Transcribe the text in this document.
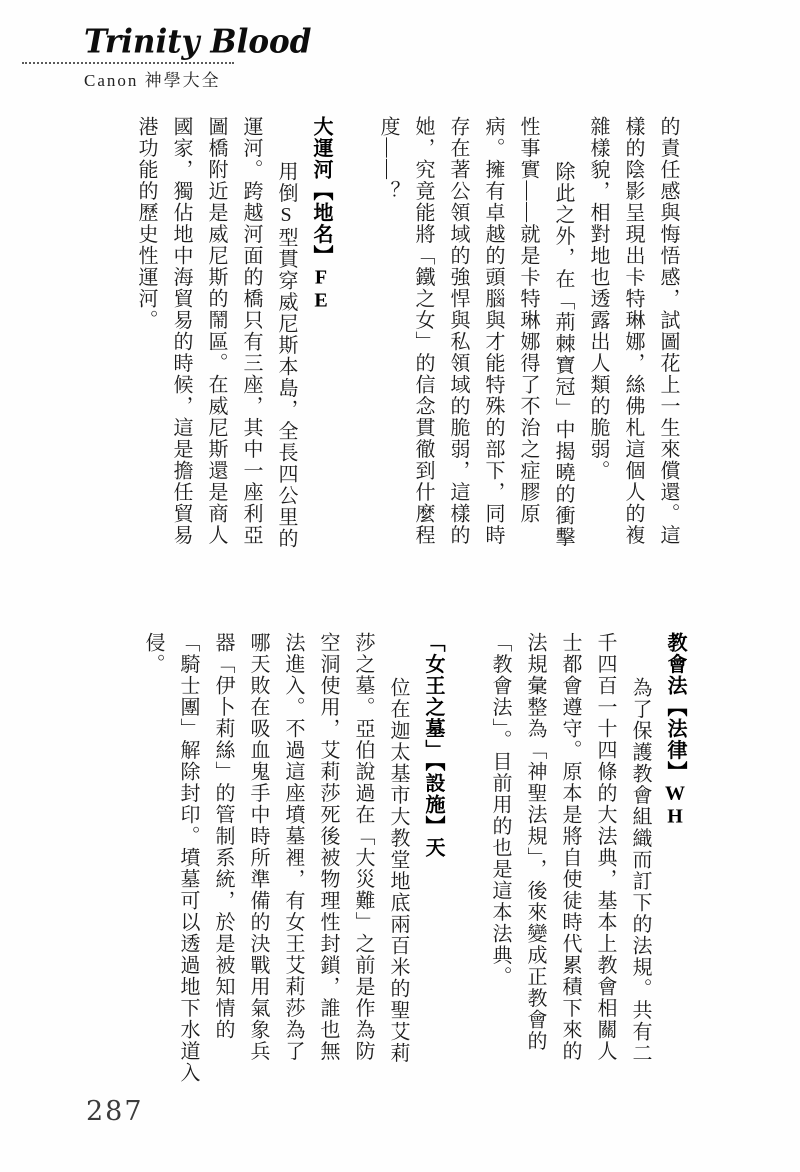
Trinity Blood
Canon 神學大全
的責任感與悔悟感，試圖花上一生來償還。這
樣的陰影呈現出卡特琳娜，絲佛札這個人的複
雜樣貌，相對地也透露出人類的脆弱。
除此之外，在「荊棘寶冠」中揭曉的衝擊
性事實——就是卡特琳娜得了不治之症膠原
病。擁有卓越的頭腦與才能特殊的部下，同時
存在著公領域的強悍與私領域的脆弱，這樣的
她，究竟能將「鐵之女」的信念貫徹到什麼程
度——？
大運河【地名】FE
用倒S型貫穿威尼斯本島，全長四公里的
運河。跨越河面的橋只有三座，其中一座利亞
圖橋附近是威尼斯的鬧區。在威尼斯還是商人
國家，獨佔地中海貿易的時候，這是擔任貿易
港功能的歷史性運河。
教會法【法律】WH
為了保護教會組織而訂下的法規。共有二
千四百一十四條的大法典，基本上教會相關人
士都會遵守。原本是將自使徒時代累積下來的
法規彙整為「神聖法規」，後來變成正教會的
「教會法」。目前用的也是這本法典。
「女王之墓」【設施】天
位在迦太基市大教堂地底兩百米的聖艾莉
莎之墓。亞伯說過在「大災難」之前是作為防
空洞使用，艾莉莎死後被物理性封鎖，誰也無
法進入。不過這座墳墓裡，有女王艾莉莎為了
哪天敗在吸血鬼手中時所準備的決戰用氣象兵
器「伊卜莉絲」的管制系統，於是被知情的
「騎士團」解除封印。墳墓可以透過地下水道入
侵。
287
